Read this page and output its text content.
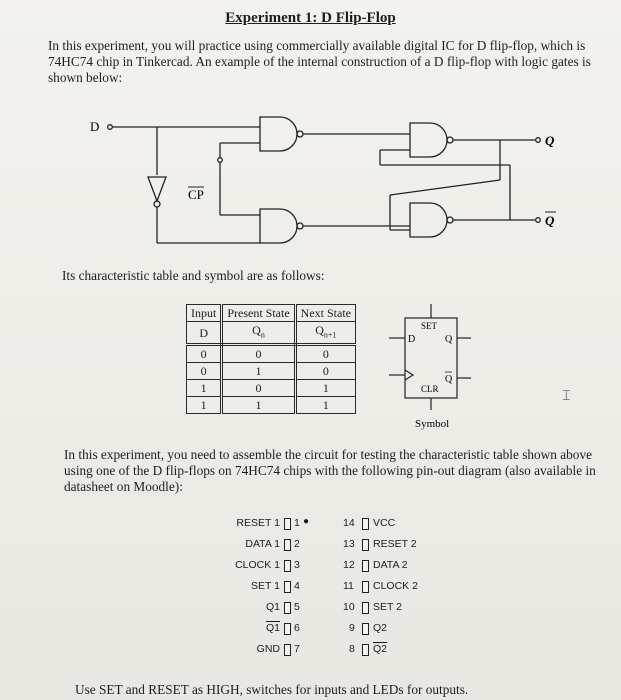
Experiment 1: D Flip-Flop
In this experiment, you will practice using commercially available digital IC for D flip-flop, which is 74HC74 chip in Tinkercad. An example of the internal construction of a D flip-flop with logic gates is shown below:
D
CP
Q
Q
Its characteristic table and symbol are as follows:
Input	Present State	Next State
D	$Q_n$	$Q_{n+1}$
0	0	0
0	1	0
1	0	1
1	1	1
SET
D	Q
Q
CLR
Symbol
⌶
In this experiment, you need to assemble the circuit for testing the characteristic table shown above using one of the D flip-flops on 74HC74 chips with the following pin-out diagram (also available in datasheet on Moodle):
RESET 1 1 ●
DATA 1 2
CLOCK 1 3
SET 1 4
Q1 5
Q1 6
GND 7
14 VCC
13 RESET 2
12 DATA 2
11 CLOCK 2
10 SET 2
9 Q2
8 Q2
Use SET and RESET as HIGH, switches for inputs and LEDs for outputs.
